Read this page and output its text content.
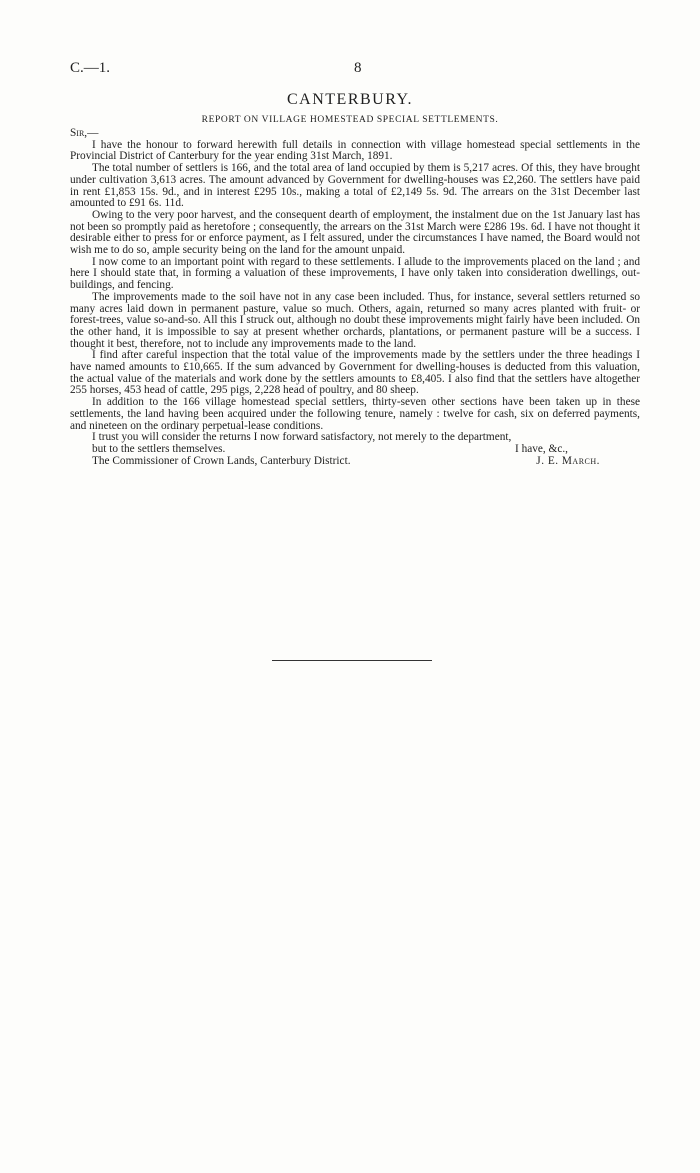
C.—1.	8
CANTERBURY.
REPORT ON VILLAGE HOMESTEAD SPECIAL SETTLEMENTS.

Sir,—

I have the honour to forward herewith full details in connection with village homestead special settlements in the Provincial District of Canterbury for the year ending 31st March, 1891.

The total number of settlers is 166, and the total area of land occupied by them is 5,217 acres. Of this, they have brought under cultivation 3,613 acres. The amount advanced by Government for dwelling-houses was £2,260. The settlers have paid in rent £1,853 15s. 9d., and in interest £295 10s., making a total of £2,149 5s. 9d. The arrears on the 31st December last amounted to £91 6s. 11d.

Owing to the very poor harvest, and the consequent dearth of employment, the instalment due on the 1st January last has not been so promptly paid as heretofore ; consequently, the arrears on the 31st March were £286 19s. 6d. I have not thought it desirable either to press for or enforce payment, as I felt assured, under the circumstances I have named, the Board would not wish me to do so, ample security being on the land for the amount unpaid.

I now come to an important point with regard to these settlements. I allude to the improvements placed on the land ; and here I should state that, in forming a valuation of these improvements, I have only taken into consideration dwellings, out-buildings, and fencing.

The improvements made to the soil have not in any case been included. Thus, for instance, several settlers returned so many acres laid down in permanent pasture, value so much. Others, again, returned so many acres planted with fruit- or forest-trees, value so-and-so. All this I struck out, although no doubt these improvements might fairly have been included. On the other hand, it is impossible to say at present whether orchards, plantations, or permanent pasture will be a success. I thought it best, therefore, not to include any improvements made to the land.

I find after careful inspection that the total value of the improvements made by the settlers under the three headings I have named amounts to £10,665. If the sum advanced by Government for dwelling-houses is deducted from this valuation, the actual value of the materials and work done by the settlers amounts to £8,405. I also find that the settlers have altogether 255 horses, 453 head of cattle, 295 pigs, 2,228 head of poultry, and 80 sheep.

In addition to the 166 village homestead special settlers, thirty-seven other sections have been taken up in these settlements, the land having been acquired under the following tenure, namely : twelve for cash, six on deferred payments, and nineteen on the ordinary perpetual-lease conditions.

I trust you will consider the returns I now forward satisfactory, not merely to the department,

but to the settlers themselves.	I have, &c.,
The Commissioner of Crown Lands, Canterbury District.	J. E. March.
